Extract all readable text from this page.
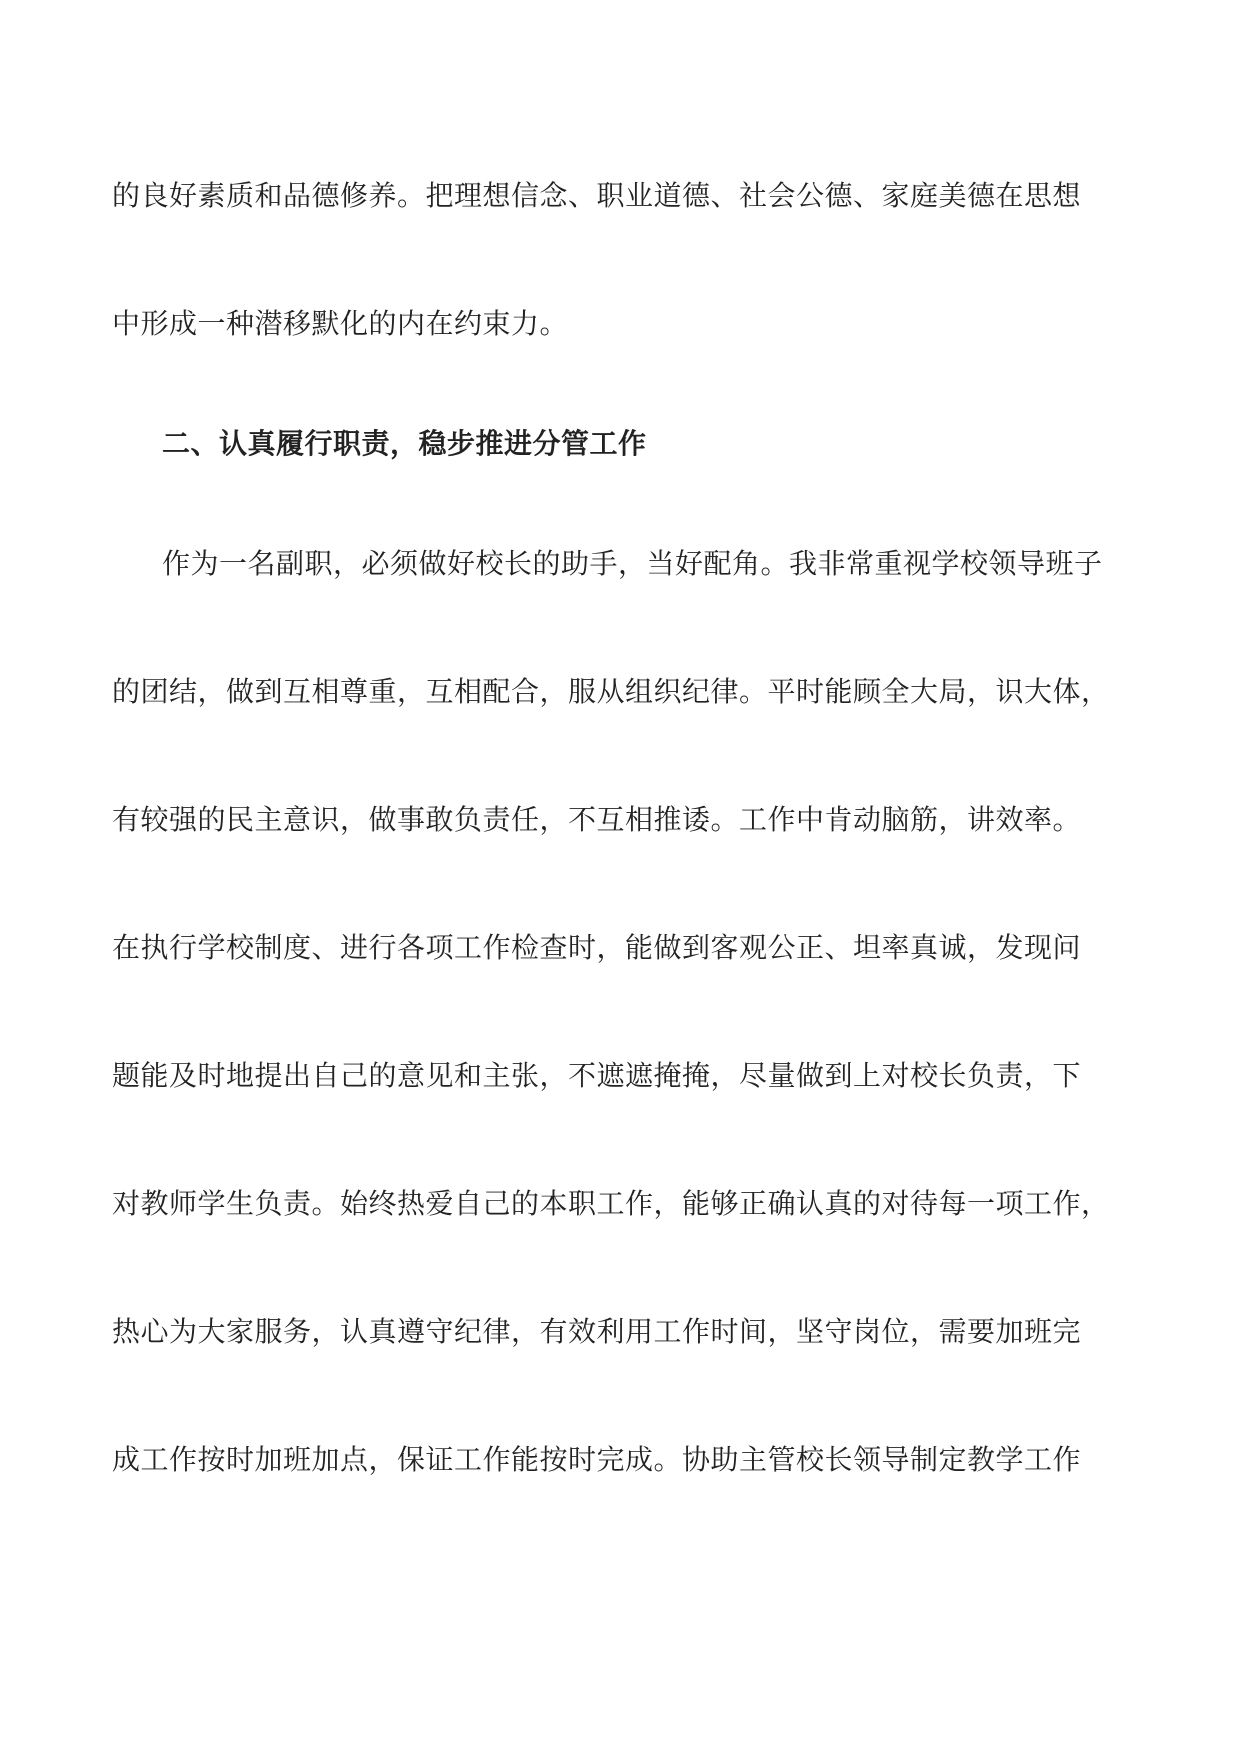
的良好素质和品德修养。把理想信念、职业道德、社会公德、家庭美德在思想
中形成一种潜移默化的内在约束力。
二、认真履行职责，稳步推进分管工作
作为一名副职，必须做好校长的助手，当好配角。我非常重视学校领导班子
的团结，做到互相尊重，互相配合，服从组织纪律。平时能顾全大局，识大体，
有较强的民主意识，做事敢负责任，不互相推诿。工作中肯动脑筋，讲效率。
在执行学校制度、进行各项工作检查时，能做到客观公正、坦率真诚，发现问
题能及时地提出自己的意见和主张，不遮遮掩掩，尽量做到上对校长负责，下
对教师学生负责。始终热爱自己的本职工作，能够正确认真的对待每一项工作，
热心为大家服务，认真遵守纪律，有效利用工作时间，坚守岗位，需要加班完
成工作按时加班加点，保证工作能按时完成。协助主管校长领导制定教学工作
